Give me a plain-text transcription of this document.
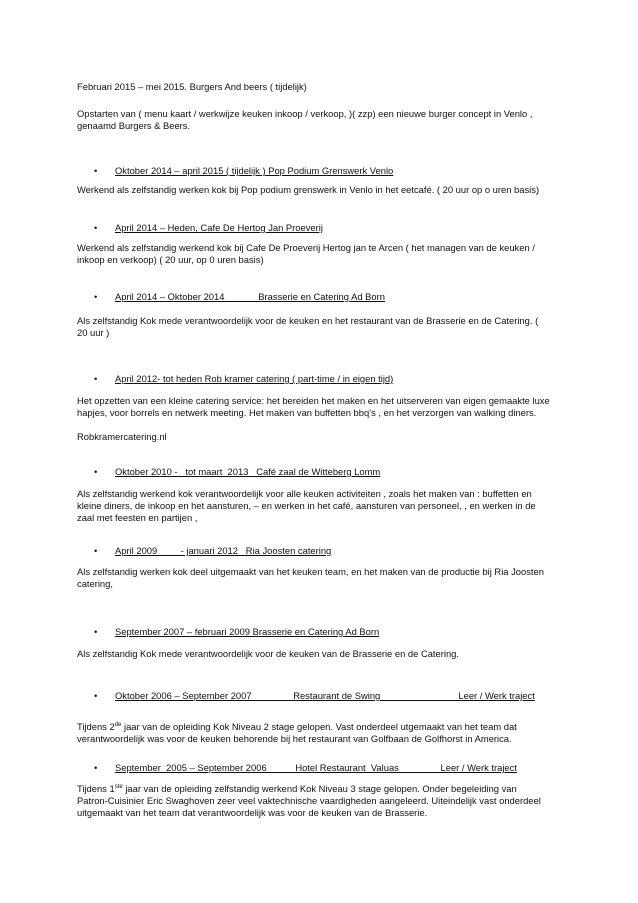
Februari 2015 – mei 2015. Burgers And beers ( tijdelijk)

Opstarten van ( menu kaart / werkwijze keuken inkoop / verkoop, )( zzp) een nieuwe burger concept in Venlo , genaamd Burgers & Beers.

• Oktober 2014 – april 2015 ( tijdelijk ) Pop Podium Grenswerk Venlo

Werkend als zelfstandig werken kok bij Pop podium grenswerk in Venlo in het eetcafé. ( 20 uur op o uren basis)

• April 2014 – Heden, Cafe De Hertog Jan Proeverij

Werkend als zelfstandig werkend kok bij Cafe De Proeverij Hertog jan te Arcen ( het managen van de keuken / inkoop en verkoop) ( 20 uur, op 0 uren basis)

• April 2014 – Oktober 2014             Brasserie en Catering Ad Born

Als zelfstandig Kok mede verantwoordelijk voor de keuken en het restaurant van de Brasserie en de Catering. ( 20 uur )

• April 2012- tot heden Rob kramer catering ( part-time / in eigen tijd)

Het opzetten van een kleine catering service: het bereiden het maken en het uitserveren van eigen gemaakte luxe hapjes, voor borrels en netwerk meeting. Het maken van buffetten bbq’s , en het verzorgen van walking diners.

Robkramercatering.nl

• Oktober 2010 -   tot maart  2013   Café zaal de Witteberg Lomm

Als zelfstandig werkend kok verantwoordelijk voor alle keuken activiteiten , zoals het maken van : buffetten en kleine diners, de inkoop en het aansturen, – en werken in het café, aansturen van personeel, , en werken in de zaal met feesten en partijen ,

• April 2009         - januari 2012   Ria Joosten catering

Als zelfstandig werken kok deel uitgemaakt van het keuken team, en het maken van de productie bij Ria Joosten catering,

• September 2007 – februari 2009 Brasserie en Catering Ad Born

Als zelfstandig Kok mede verantwoordelijk voor de keuken van de Brasserie en de Catering.

• Oktober 2006 – September 2007                Restaurant de Swing                              Leer / Werk traject

Tijdens 2de jaar van de opleiding Kok Niveau 2 stage gelopen. Vast onderdeel utgemaakt van het team dat verantwoordelijk was voor de keuken behorende bij het restaurant van Golfbaan de Golfhorst in America.

• September  2005 – September 2006           Hotel Restaurant  Valuas                Leer / Werk traject

Tijdens 1ste jaar van de opleiding zelfstandig werkend Kok Niveau 3 stage gelopen. Onder begeleiding van Patron-Cuisinier Eric Swaghoven zeer veel vaktechnische vaardigheden aangeleerd. Uiteindelijk vast onderdeel uitgemaakt van het team dat verantwoordelijk was voor de keuken van de Brasserie.
